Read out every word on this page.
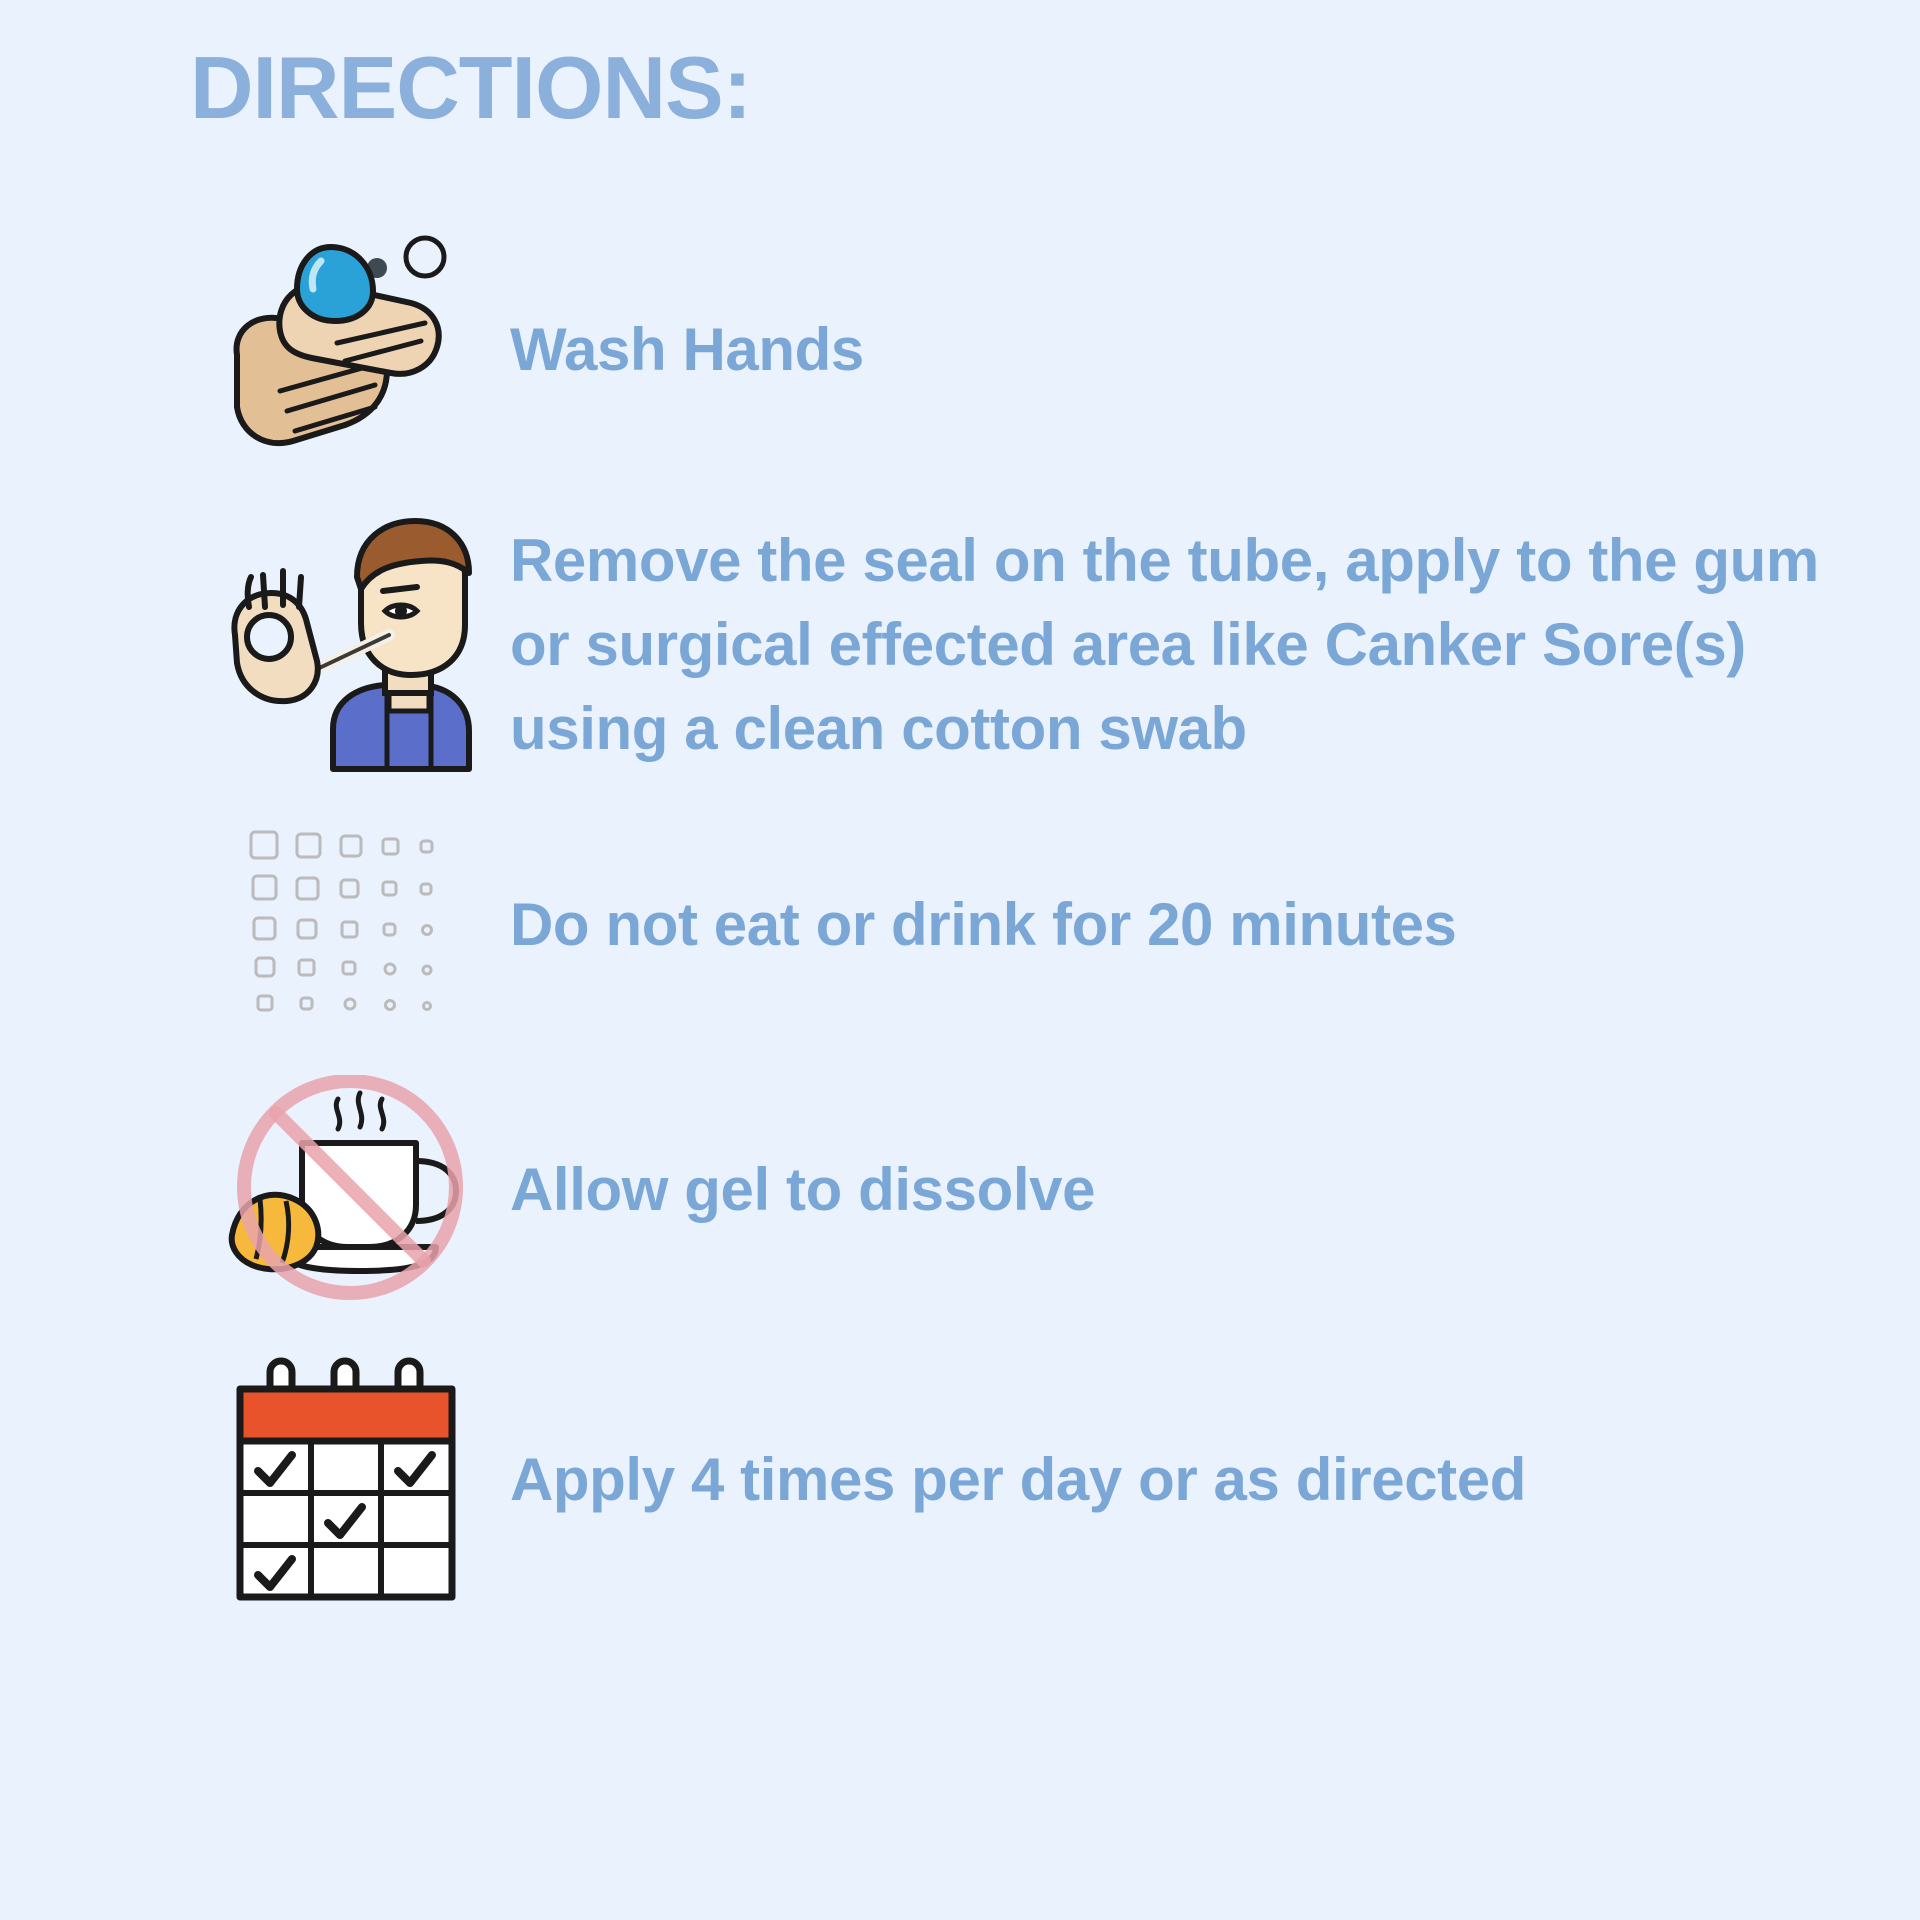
DIRECTIONS:
Wash Hands
Remove the seal on the tube, apply to the gum or surgical effected area like Canker Sore(s) using a clean cotton swab
Do not eat or drink for 20 minutes
Allow gel to dissolve
Apply 4 times per day or as directed
